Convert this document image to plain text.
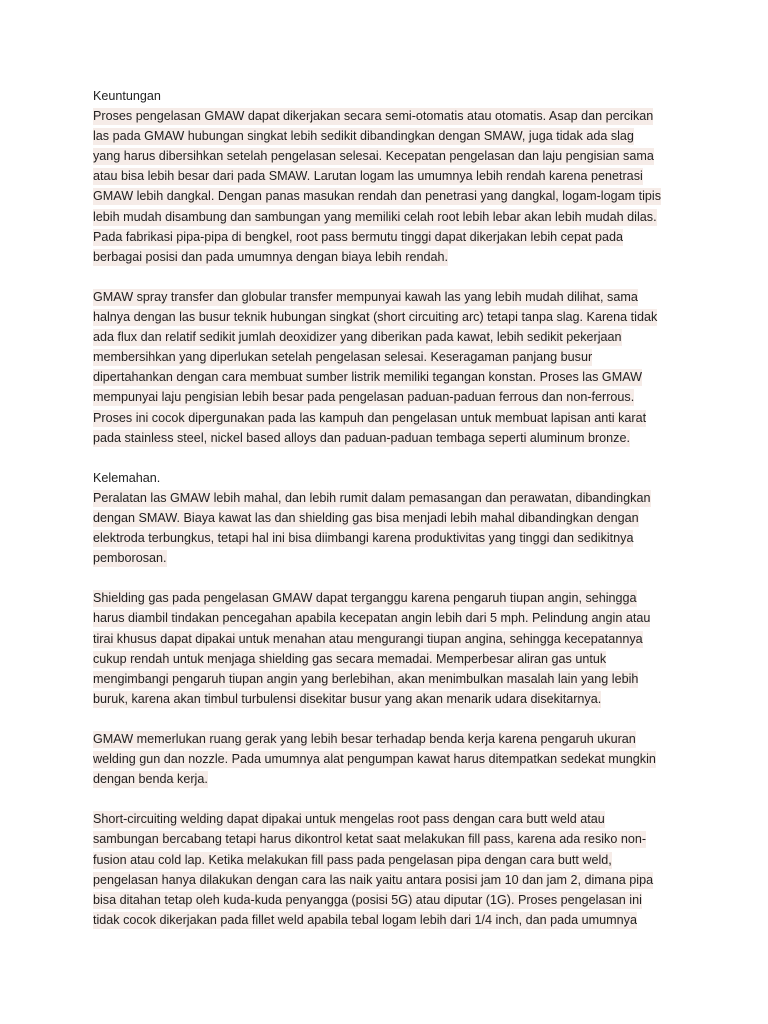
Keuntungan
Proses pengelasan GMAW dapat dikerjakan secara semi-otomatis atau otomatis. Asap dan percikan
las pada GMAW hubungan singkat lebih sedikit dibandingkan dengan SMAW, juga tidak ada slag
yang harus dibersihkan setelah pengelasan selesai. Kecepatan pengelasan dan laju pengisian sama
atau bisa lebih besar dari pada SMAW. Larutan logam las umumnya lebih rendah karena penetrasi
GMAW lebih dangkal. Dengan panas masukan rendah dan penetrasi yang dangkal, logam-logam tipis
lebih mudah disambung dan sambungan yang memiliki celah root lebih lebar akan lebih mudah dilas.
Pada fabrikasi pipa-pipa di bengkel, root pass bermutu tinggi dapat dikerjakan lebih cepat pada
berbagai posisi dan pada umumnya dengan biaya lebih rendah.
GMAW spray transfer dan globular transfer mempunyai kawah las yang lebih mudah dilihat, sama
halnya dengan las busur teknik hubungan singkat (short circuiting arc) tetapi tanpa slag. Karena tidak
ada flux dan relatif sedikit jumlah deoxidizer yang diberikan pada kawat, lebih sedikit pekerjaan
membersihkan yang diperlukan setelah pengelasan selesai. Keseragaman panjang busur
dipertahankan dengan cara membuat sumber listrik memiliki tegangan konstan. Proses las GMAW
mempunyai laju pengisian lebih besar pada pengelasan paduan-paduan ferrous dan non-ferrous.
Proses ini cocok dipergunakan pada las kampuh dan pengelasan untuk membuat lapisan anti karat
pada stainless steel, nickel based alloys dan paduan-paduan tembaga seperti aluminum bronze.
Kelemahan.
Peralatan las GMAW lebih mahal, dan lebih rumit dalam pemasangan dan perawatan, dibandingkan
dengan SMAW. Biaya kawat las dan shielding gas bisa menjadi lebih mahal dibandingkan dengan
elektroda terbungkus, tetapi hal ini bisa diimbangi karena produktivitas yang tinggi dan sedikitnya
pemborosan.
Shielding gas pada pengelasan GMAW dapat terganggu karena pengaruh tiupan angin, sehingga
harus diambil tindakan pencegahan apabila kecepatan angin lebih dari 5 mph. Pelindung angin atau
tirai khusus dapat dipakai untuk menahan atau mengurangi tiupan angina, sehingga kecepatannya
cukup rendah untuk menjaga shielding gas secara memadai. Memperbesar aliran gas untuk
mengimbangi pengaruh tiupan angin yang berlebihan, akan menimbulkan masalah lain yang lebih
buruk, karena akan timbul turbulensi disekitar busur yang akan menarik udara disekitarnya.
GMAW memerlukan ruang gerak yang lebih besar terhadap benda kerja karena pengaruh ukuran
welding gun dan nozzle. Pada umumnya alat pengumpan kawat harus ditempatkan sedekat mungkin
dengan benda kerja.
Short-circuiting welding dapat dipakai untuk mengelas root pass dengan cara butt weld atau
sambungan bercabang tetapi harus dikontrol ketat saat melakukan fill pass, karena ada resiko non-
fusion atau cold lap. Ketika melakukan fill pass pada pengelasan pipa dengan cara butt weld,
pengelasan hanya dilakukan dengan cara las naik yaitu antara posisi jam 10 dan jam 2, dimana pipa
bisa ditahan tetap oleh kuda-kuda penyangga (posisi 5G) atau diputar (1G). Proses pengelasan ini
tidak cocok dikerjakan pada fillet weld apabila tebal logam lebih dari 1/4 inch, dan pada umumnya
